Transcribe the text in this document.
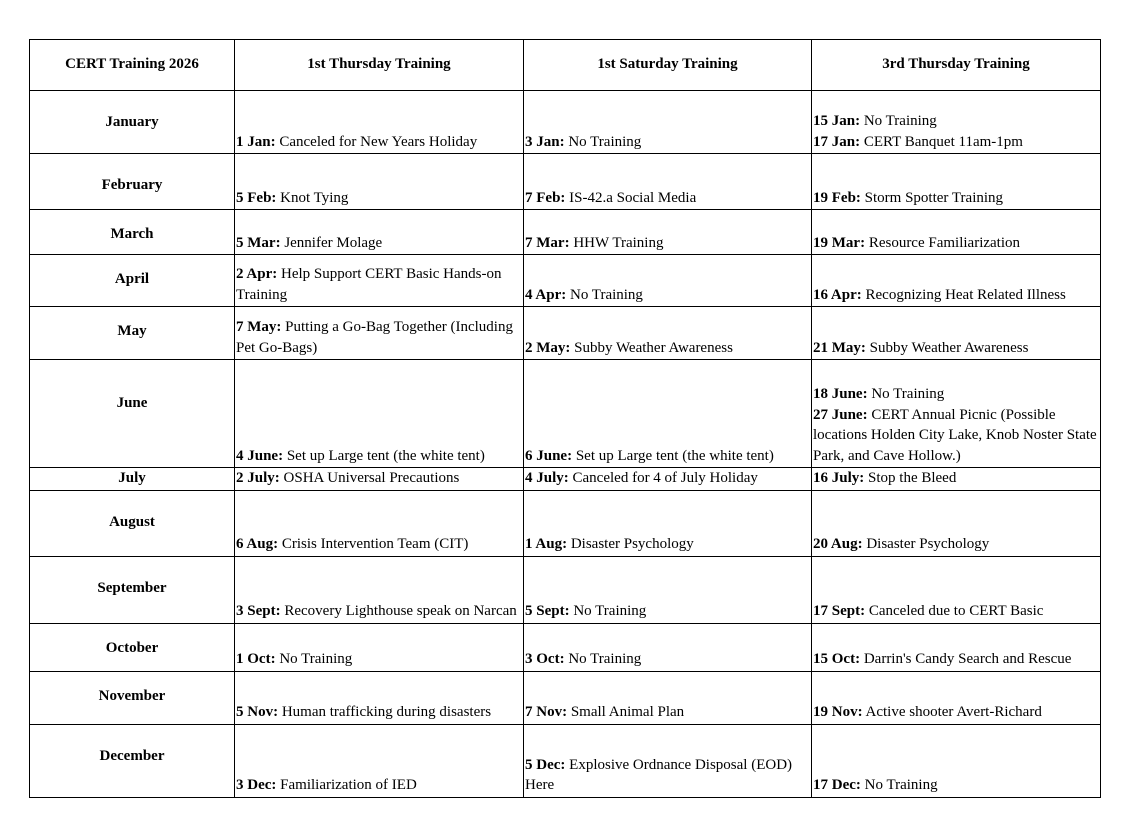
CERT Training 2026	1st Thursday Training	1st Saturday Training	3rd Thursday Training
January	1 Jan: Canceled for New Years Holiday	3 Jan: No Training	15 Jan: No Training
17 Jan: CERT Banquet 11am-1pm

February	5 Feb: Knot Tying	7 Feb: IS-42.a Social Media	19 Feb: Storm Spotter Training

March	5 Mar: Jennifer Molage	7 Mar: HHW Training	19 Mar: Resource Familiarization

April	2 Apr: Help Support CERT Basic Hands-on Training	4 Apr: No Training	16 Apr: Recognizing Heat Related Illness

May	7 May: Putting a Go-Bag Together (Including Pet Go-Bags)	2 May: Subby Weather Awareness	21 May: Subby Weather Awareness

June	4 June: Set up Large tent (the white tent)	6 June: Set up Large tent (the white tent)	18 June: No Training
27 June: CERT Annual Picnic (Possible locations Holden City Lake, Knob Noster State Park, and Cave Hollow.)

July	2 July: OSHA Universal Precautions	4 July: Canceled for 4 of July Holiday	16 July: Stop the Bleed

August	6 Aug: Crisis Intervention Team (CIT)	1 Aug: Disaster Psychology	20 Aug: Disaster Psychology

September	3 Sept: Recovery Lighthouse speak on Narcan	5 Sept: No Training	17 Sept: Canceled due to CERT Basic

October	1 Oct: No Training	3 Oct: No Training	15 Oct: Darrin's Candy Search and Rescue

November	5 Nov: Human trafficking during disasters	7 Nov: Small Animal Plan	19 Nov: Active shooter Avert-Richard

December	3 Dec: Familiarization of IED	5 Dec: Explosive Ordnance Disposal (EOD) Here	17 Dec: No Training
